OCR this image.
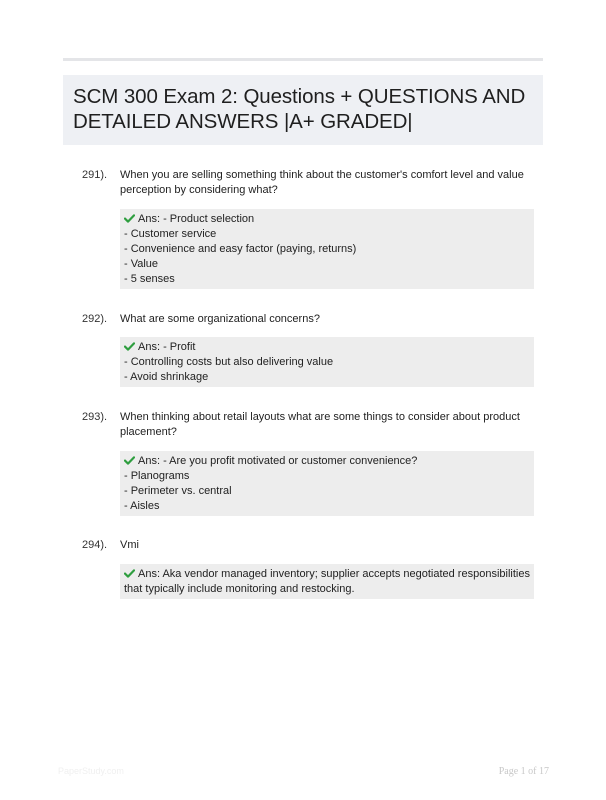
SCM 300 Exam 2: Questions + QUESTIONS AND DETAILED ANSWERS |A+ GRADED|
291). When you are selling something think about the customer's comfort level and value perception by considering what?
Ans: - Product selection
- Customer service
- Convenience and easy factor (paying, returns)
- Value
- 5 senses
292). What are some organizational concerns?
Ans: - Profit
- Controlling costs but also delivering value
- Avoid shrinkage
293). When thinking about retail layouts what are some things to consider about product placement?
Ans: - Are you profit motivated or customer convenience?
- Planograms
- Perimeter vs. central
- Aisles
294). Vmi
Ans: Aka vendor managed inventory; supplier accepts negotiated responsibilities that typically include monitoring and restocking.
PaperStudy.com	Page 1 of 17
